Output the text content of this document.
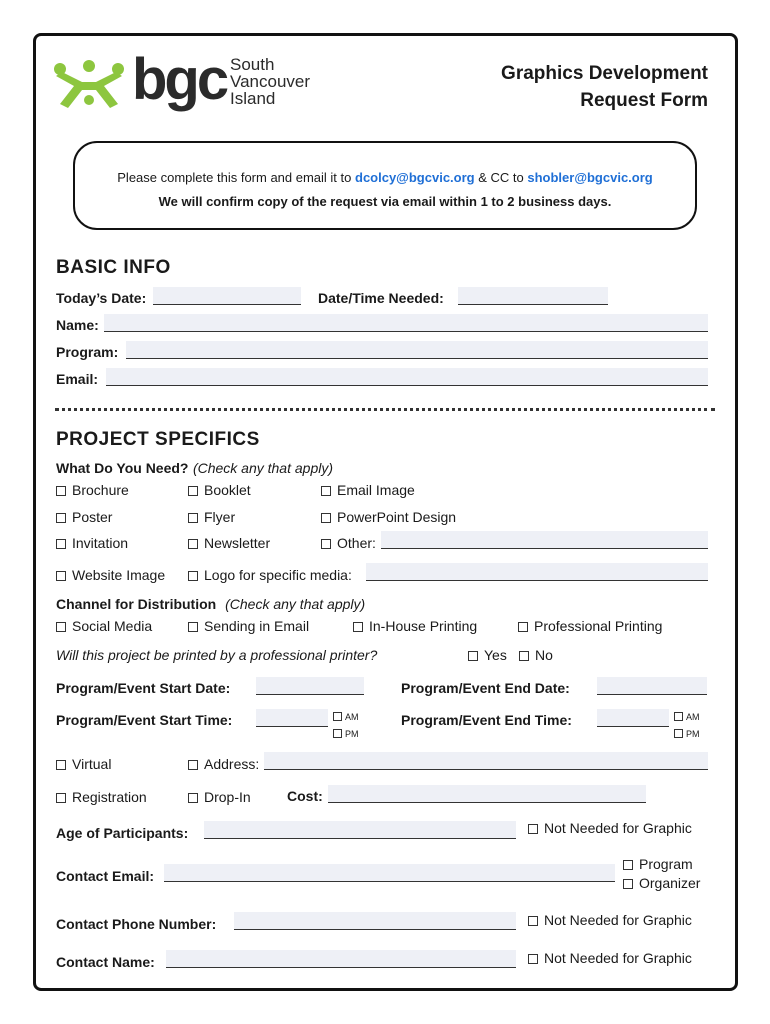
bgc South
Vancouver
Island
Graphics Development
Request Form
Please complete this form and email it to dcolcy@bgcvic.org & CC to shobler@bgcvic.org
We will confirm copy of the request via email within 1 to 2 business days.
BASIC INFO
Today’s Date:	Date/Time Needed:
Name:
Program:
Email:
PROJECT SPECIFICS
What Do You Need? (Check any that apply)
Brochure	Booklet	Email Image
Poster	Flyer	PowerPoint Design
Invitation	Newsletter	Other:
Website Image	Logo for specific media:
Channel for Distribution (Check any that apply)
Social Media	Sending in Email	In-House Printing	Professional Printing
Will this project be printed by a professional printer?	Yes	No
Program/Event Start Date:	Program/Event End Date:
Program/Event Start Time:	AM
PM
Program/Event End Time:	AM
PM
Virtual	Address:
Registration	Drop-In	Cost:
Age of Participants:	Not Needed for Graphic
Contact Email:
Program
Organizer
Contact Phone Number:	Not Needed for Graphic
Contact Name:	Not Needed for Graphic
